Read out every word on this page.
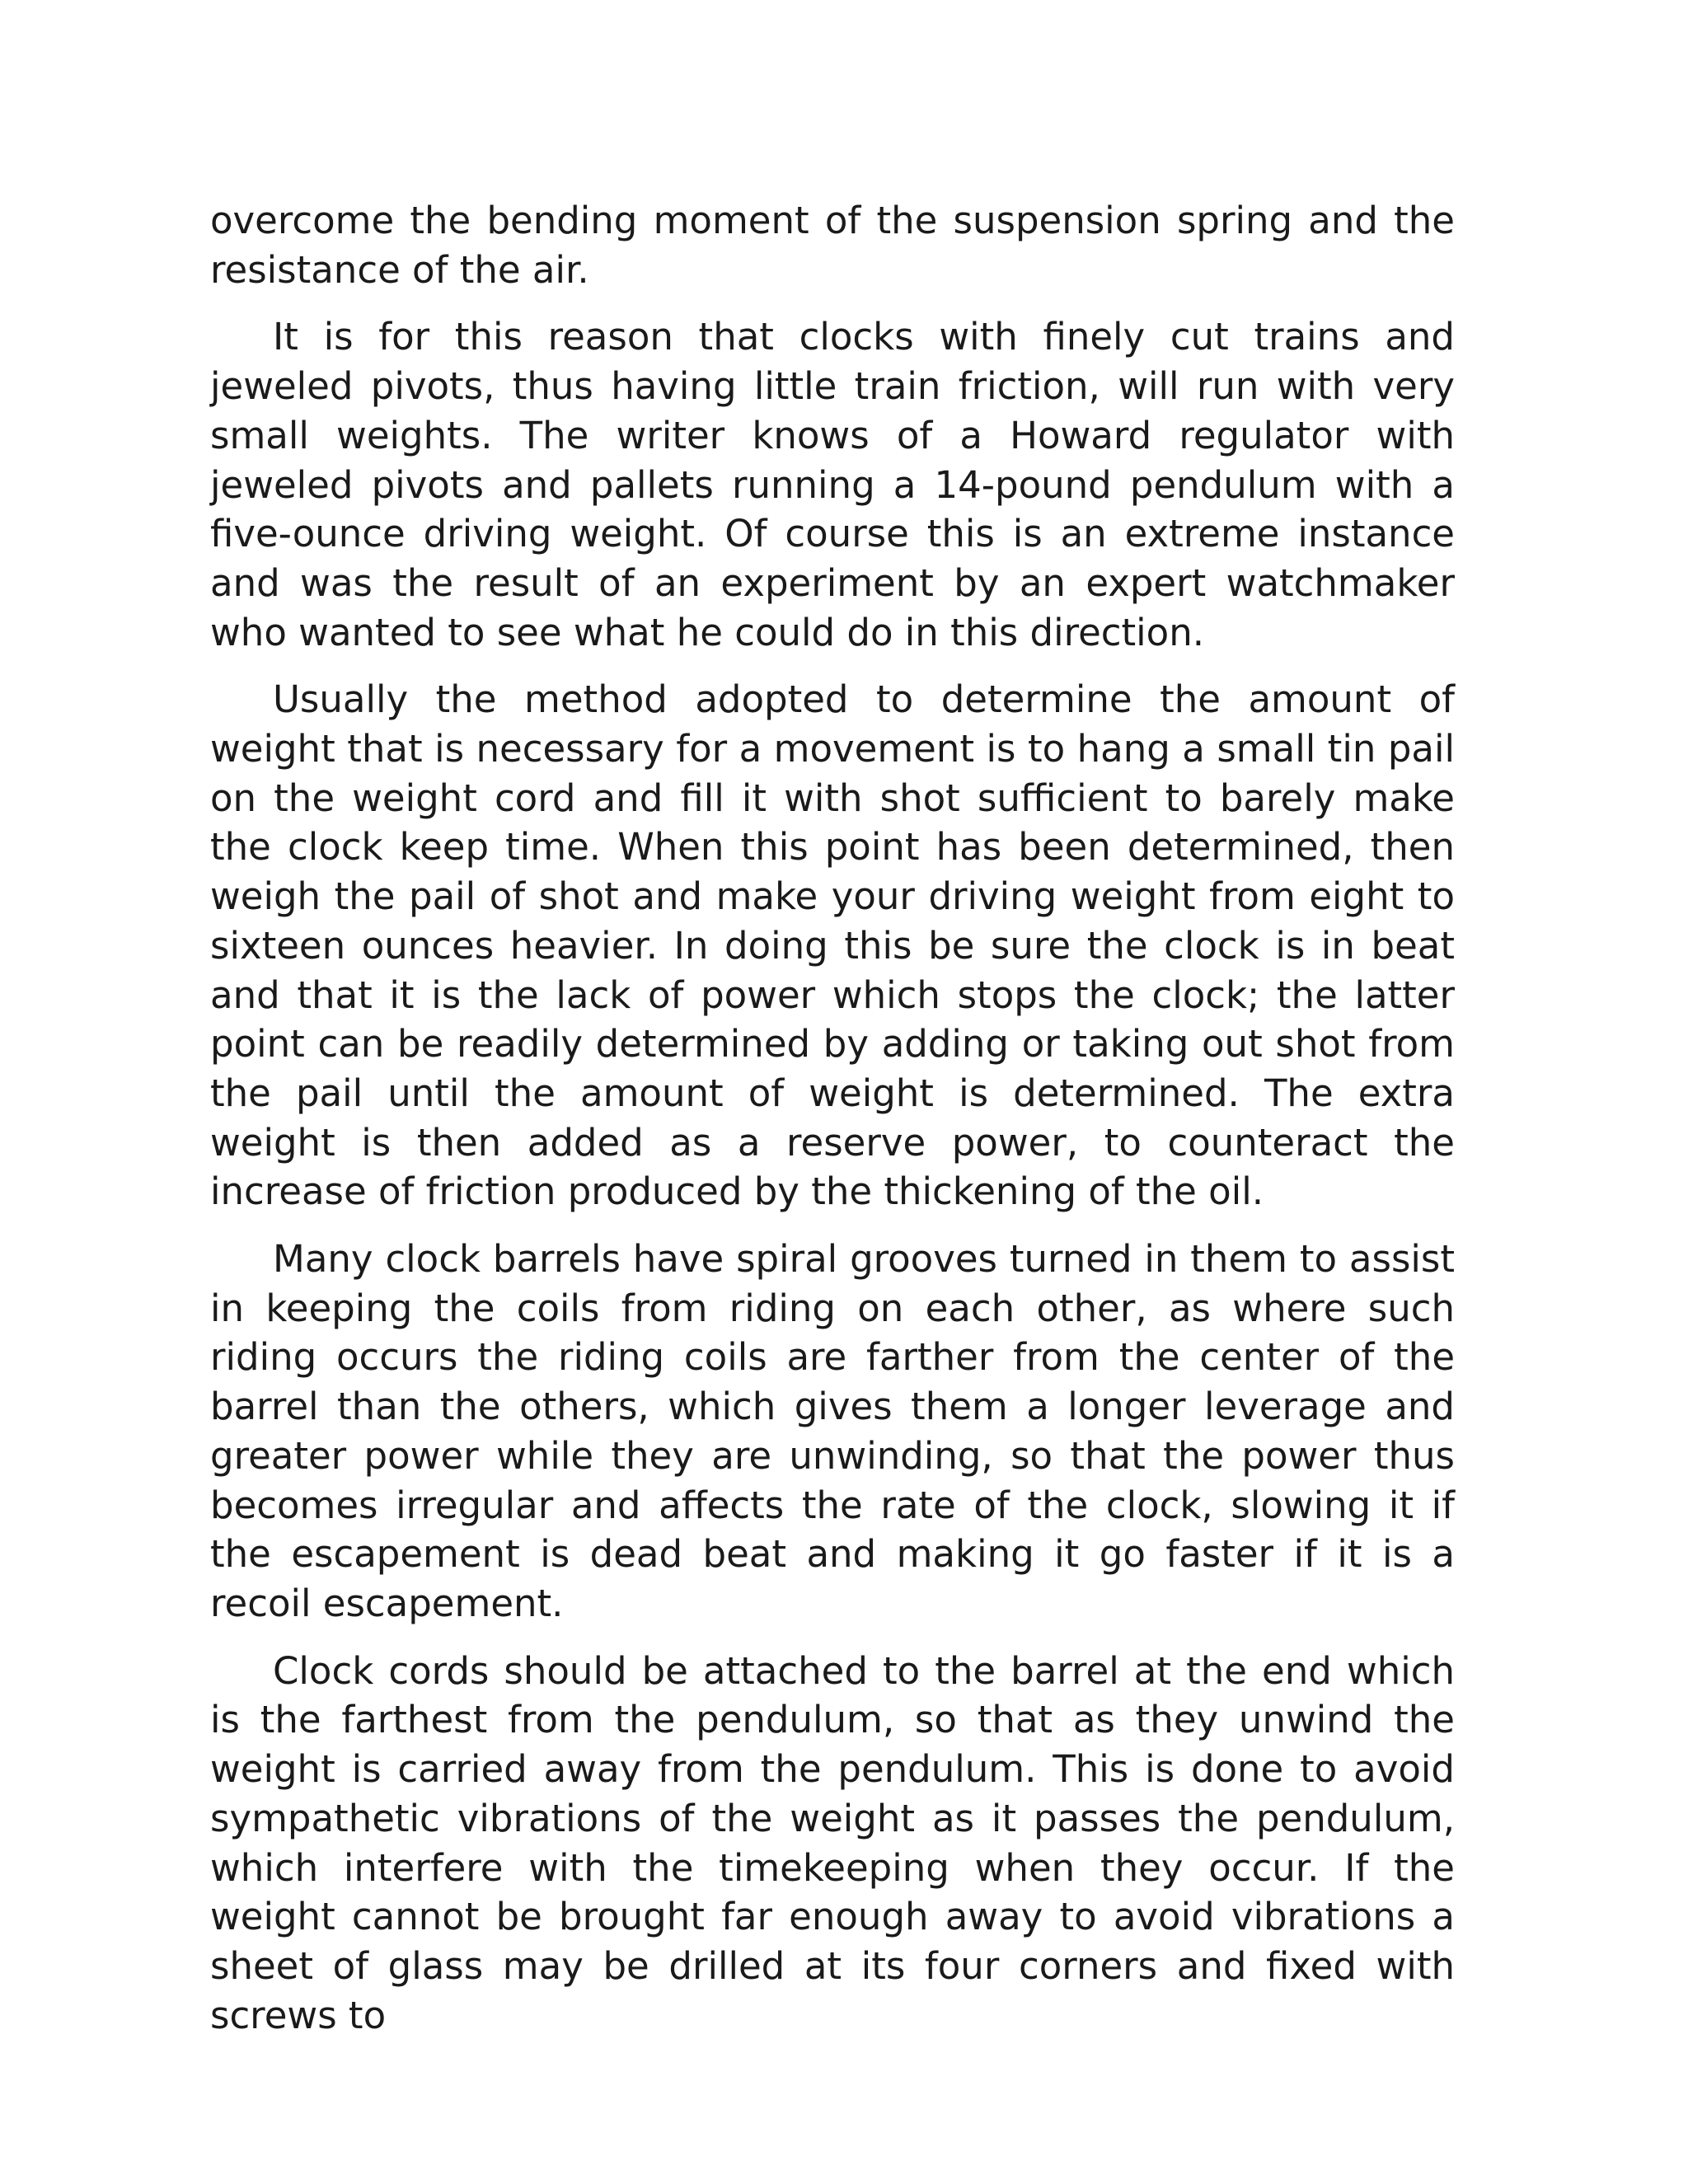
overcome the bending moment of the suspension spring and the resistance of the air.

It is for this reason that clocks with finely cut trains and jeweled pivots, thus having little train friction, will run with very small weights. The writer knows of a Howard regulator with jeweled pivots and pallets running a 14-pound pendulum with a five-ounce driving weight. Of course this is an extreme instance and was the result of an experiment by an expert watchmaker who wanted to see what he could do in this direction.

Usually the method adopted to determine the amount of weight that is necessary for a movement is to hang a small tin pail on the weight cord and fill it with shot sufficient to barely make the clock keep time. When this point has been determined, then weigh the pail of shot and make your driving weight from eight to sixteen ounces heavier. In doing this be sure the clock is in beat and that it is the lack of power which stops the clock; the latter point can be readily determined by adding or taking out shot from the pail until the amount of weight is determined. The extra weight is then added as a reserve power, to counteract the increase of friction produced by the thickening of the oil.

Many clock barrels have spiral grooves turned in them to assist in keeping the coils from riding on each other, as where such riding occurs the riding coils are farther from the center of the barrel than the others, which gives them a longer leverage and greater power while they are unwinding, so that the power thus becomes irregular and affects the rate of the clock, slowing it if the escapement is dead beat and making it go faster if it is a recoil escapement.

Clock cords should be attached to the barrel at the end which is the farthest from the pendulum, so that as they unwind the weight is carried away from the pendulum. This is done to avoid sympathetic vibrations of the weight as it passes the pendulum, which interfere with the timekeeping when they occur. If the weight cannot be brought far enough away to avoid vibrations a sheet of glass may be drilled at its four corners and fixed with screws to
